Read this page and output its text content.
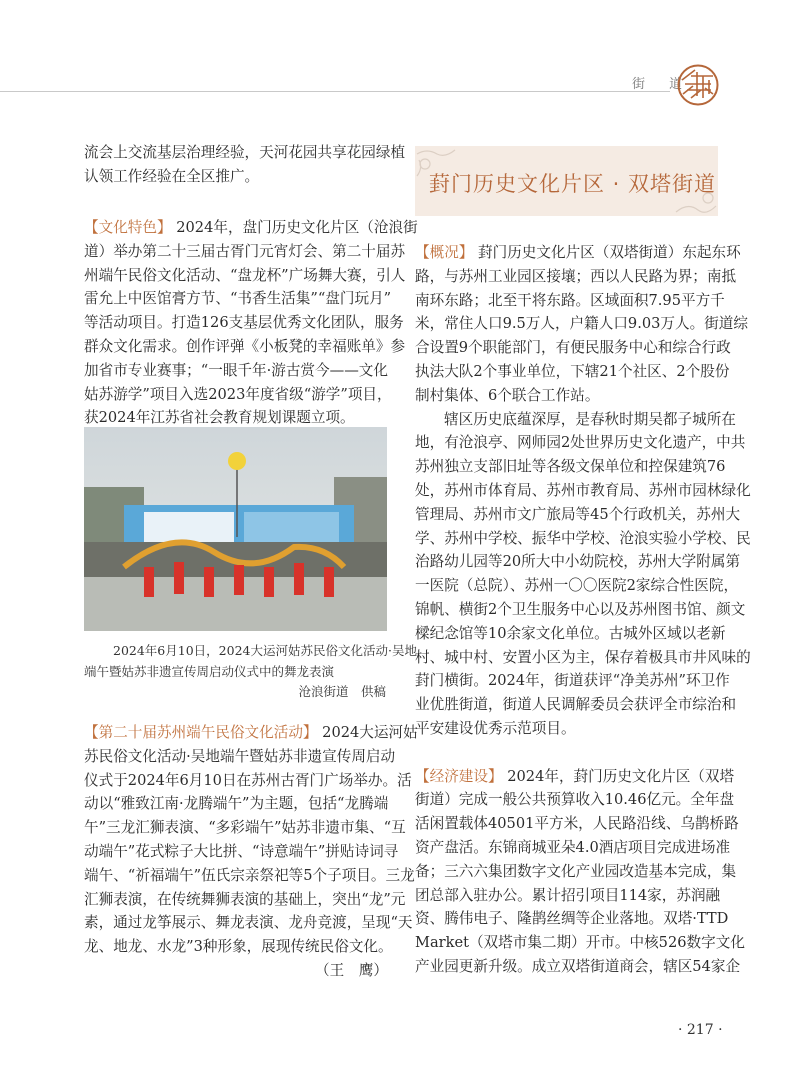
街 道
葑门历史文化片区 · 双塔街道
流会上交流基层治理经验，天河花园共享花园绿植
认领工作经验在全区推广。
【文化特色】 2024年，盘门历史文化片区（沧浪街
道）举办第二十三届古胥门元宵灯会、第二十届苏
州端午民俗文化活动、“盘龙杯”广场舞大赛，引人
雷允上中医馆膏方节、“书香生活集”“盘门玩月”
等活动项目。打造126支基层优秀文化团队，服务
群众文化需求。创作评弹《小板凳的幸福账单》参
加省市专业赛事；“一眼千年·游古赏今——文化
姑苏游学”项目入选2023年度省级“游学”项目，
获2024年江苏省社会教育规划课题立项。
2024年6月10日，2024大运河姑苏民俗文化活动·吴地
端午暨姑苏非遗宣传周启动仪式中的舞龙表演
沧浪街道　供稿
【第二十届苏州端午民俗文化活动】 2024大运河姑
苏民俗文化活动·吴地端午暨姑苏非遗宣传周启动
仪式于2024年6月10日在苏州古胥门广场举办。活
动以“雅致江南·龙腾端午”为主题，包括“龙腾端
午”三龙汇狮表演、“多彩端午”姑苏非遗市集、“互
动端午”花式粽子大比拼、“诗意端午”拼贴诗词寻
端午、“祈福端午”伍氏宗亲祭祀等5个子项目。三龙
汇狮表演，在传统舞狮表演的基础上，突出“龙”元
素，通过龙筝展示、舞龙表演、龙舟竞渡，呈现“天
龙、地龙、水龙”3种形象，展现传统民俗文化。
（王　鹰）
【概况】 葑门历史文化片区（双塔街道）东起东环
路，与苏州工业园区接壤；西以人民路为界；南抵
南环东路；北至干将东路。区域面积7.95平方千
米，常住人口9.5万人，户籍人口9.03万人。街道综
合设置9个职能部门，有便民服务中心和综合行政
执法大队2个事业单位，下辖21个社区、2个股份
制村集体、6个联合工作站。
辖区历史底蕴深厚，是春秋时期吴都子城所在
地，有沧浪亭、网师园2处世界历史文化遗产，中共
苏州独立支部旧址等各级文保单位和控保建筑76
处，苏州市体育局、苏州市教育局、苏州市园林绿化
管理局、苏州市文广旅局等45个行政机关，苏州大
学、苏州中学校、振华中学校、沧浪实验小学校、民
治路幼儿园等20所大中小幼院校，苏州大学附属第
一医院（总院）、苏州一〇〇医院2家综合性医院，
锦帆、横街2个卫生服务中心以及苏州图书馆、颜文
樑纪念馆等10余家文化单位。古城外区域以老新
村、城中村、安置小区为主，保存着极具市井风味的
葑门横街。2024年，街道获评“净美苏州”环卫作
业优胜街道，街道人民调解委员会获评全市综治和
平安建设优秀示范项目。
【经济建设】 2024年，葑门历史文化片区（双塔
街道）完成一般公共预算收入10.46亿元。全年盘
活闲置载体40501平方米，人民路沿线、乌鹊桥路
资产盘活。东锦商城亚朵4.0酒店项目完成进场准
备；三六六集团数字文化产业园改造基本完成，集
团总部入驻办公。累计招引项目114家，苏润融
资、腾伟电子、隆鹊丝绸等企业落地。双塔·TTD
Market（双塔市集二期）开市。中核526数字文化
产业园更新升级。成立双塔街道商会，辖区54家企
· 217 ·
